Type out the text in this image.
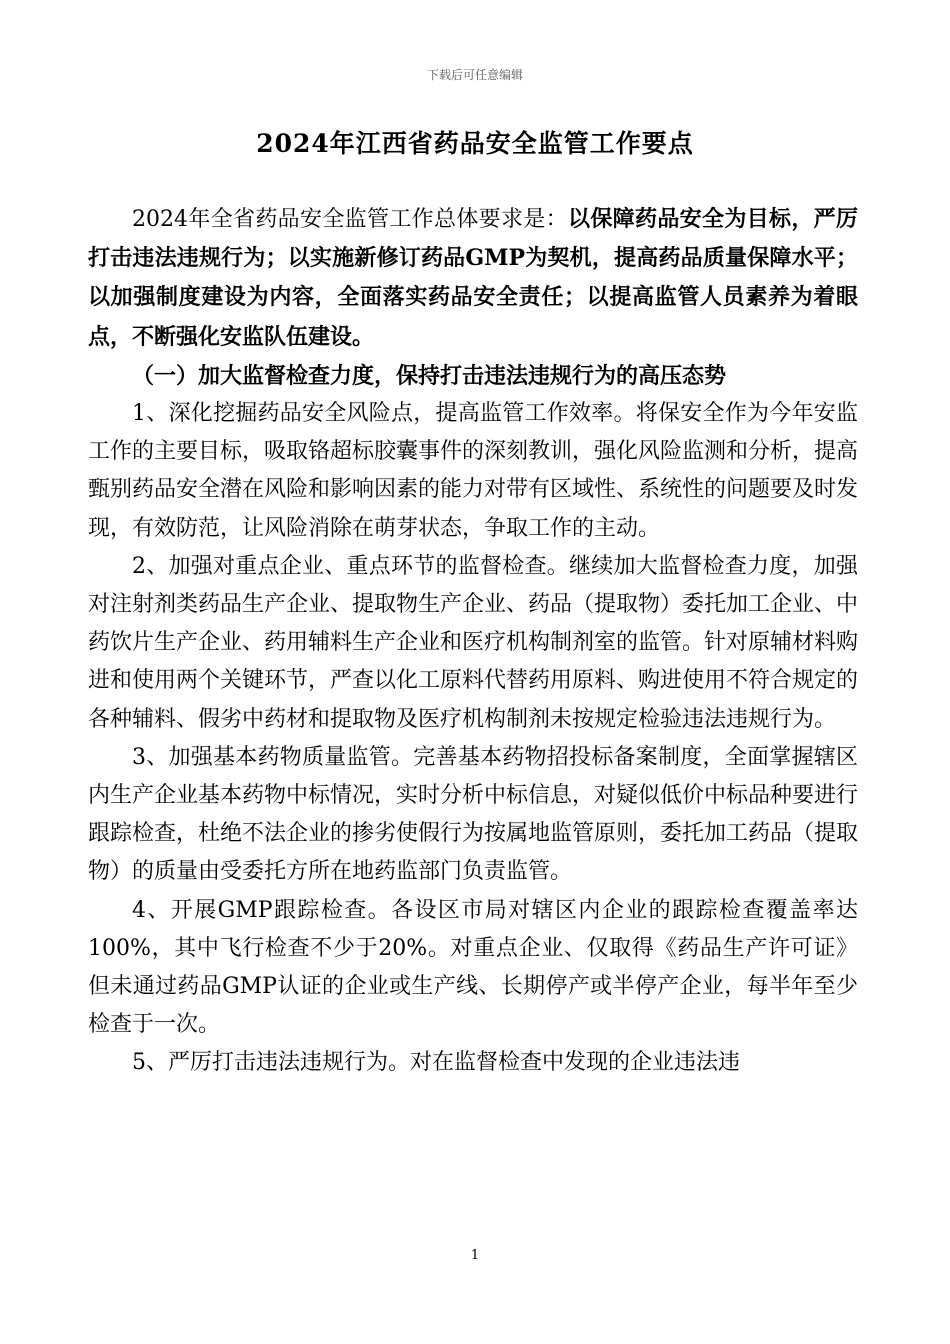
下载后可任意编辑
2024年江西省药品安全监管工作要点

2024年全省药品安全监管工作总体要求是：以保障药品安全为目标，严厉打击违法违规行为；以实施新修订药品GMP为契机，提高药品质量保障水平；以加强制度建设为内容，全面落实药品安全责任；以提高监管人员素养为着眼点，不断强化安监队伍建设。

（一）加大监督检查力度，保持打击违法违规行为的高压态势

1、深化挖掘药品安全风险点，提高监管工作效率。将保安全作为今年安监工作的主要目标，吸取铬超标胶囊事件的深刻教训，强化风险监测和分析，提高甄别药品安全潜在风险和影响因素的能力对带有区域性、系统性的问题要及时发现，有效防范，让风险消除在萌芽状态，争取工作的主动。

2、加强对重点企业、重点环节的监督检查。继续加大监督检查力度，加强对注射剂类药品生产企业、提取物生产企业、药品（提取物）委托加工企业、中药饮片生产企业、药用辅料生产企业和医疗机构制剂室的监管。针对原辅材料购进和使用两个关键环节，严查以化工原料代替药用原料、购进使用不符合规定的各种辅料、假劣中药材和提取物及医疗机构制剂未按规定检验违法违规行为。

3、加强基本药物质量监管。完善基本药物招投标备案制度，全面掌握辖区内生产企业基本药物中标情况，实时分析中标信息，对疑似低价中标品种要进行跟踪检查，杜绝不法企业的掺劣使假行为按属地监管原则，委托加工药品（提取物）的质量由受委托方所在地药监部门负责监管。

4、开展GMP跟踪检查。各设区市局对辖区内企业的跟踪检查覆盖率达100%，其中飞行检查不少于20%。对重点企业、仅取得《药品生产许可证》但未通过药品GMP认证的企业或生产线、长期停产或半停产企业，每半年至少检查于一次。

5、严厉打击违法违规行为。对在监督检查中发现的企业违法违

1
